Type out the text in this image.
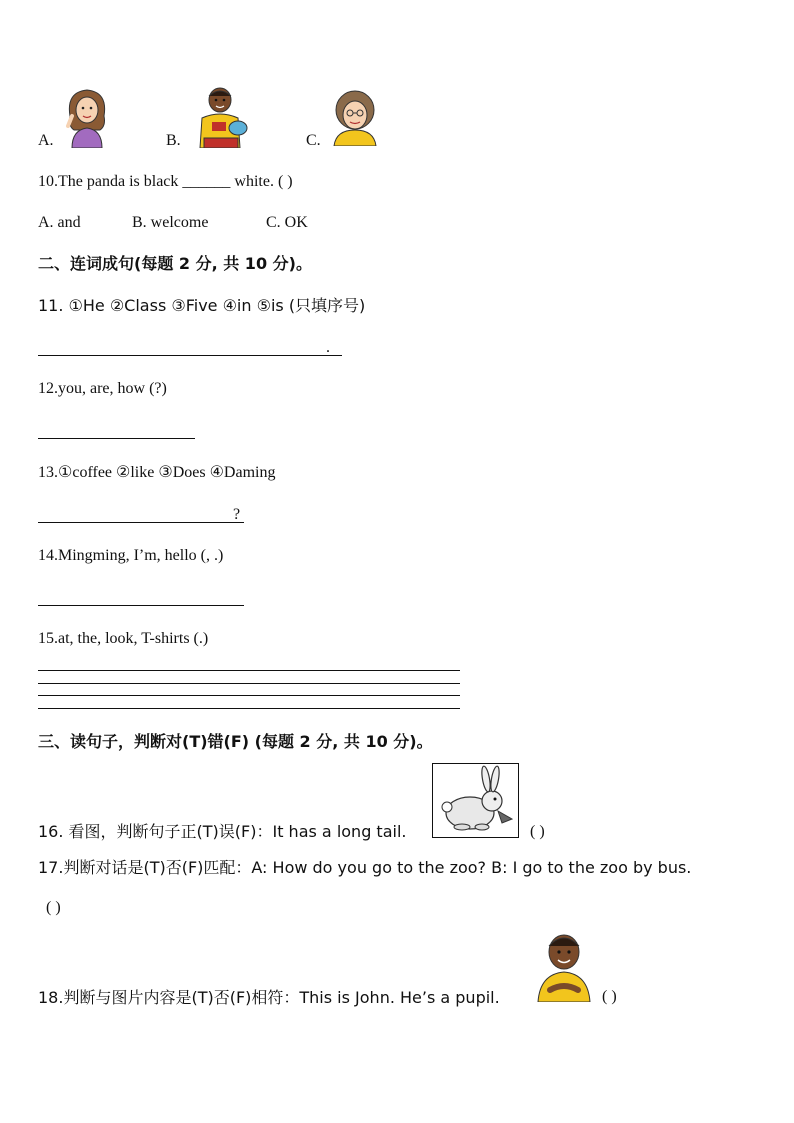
A.	B.	C.
10.The panda is black ______ white. ( )
A. and	B. welcome	C. OK
二、连词成句(每题 2 分, 共 10 分)。
11. ①He ②Class ③Five ④in ⑤is (只填序号)
.
12.you, are, how (?)
13.①coffee ②like ③Does ④Daming
?
14.Mingming, I’m, hello (, .)
15.at, the, look, T-shirts (.)
三、读句子，判断对(T)错(F) (每题 2 分, 共 10 分)。
16. 看图，判断句子正(T)误(F)：It has a long tail.	( )
17.判断对话是(T)否(F)匹配：A: How do you go to the zoo? B: I go to the zoo by bus.
( )
18.判断与图片内容是(T)否(F)相符：This is John. He’s a pupil.	( )
